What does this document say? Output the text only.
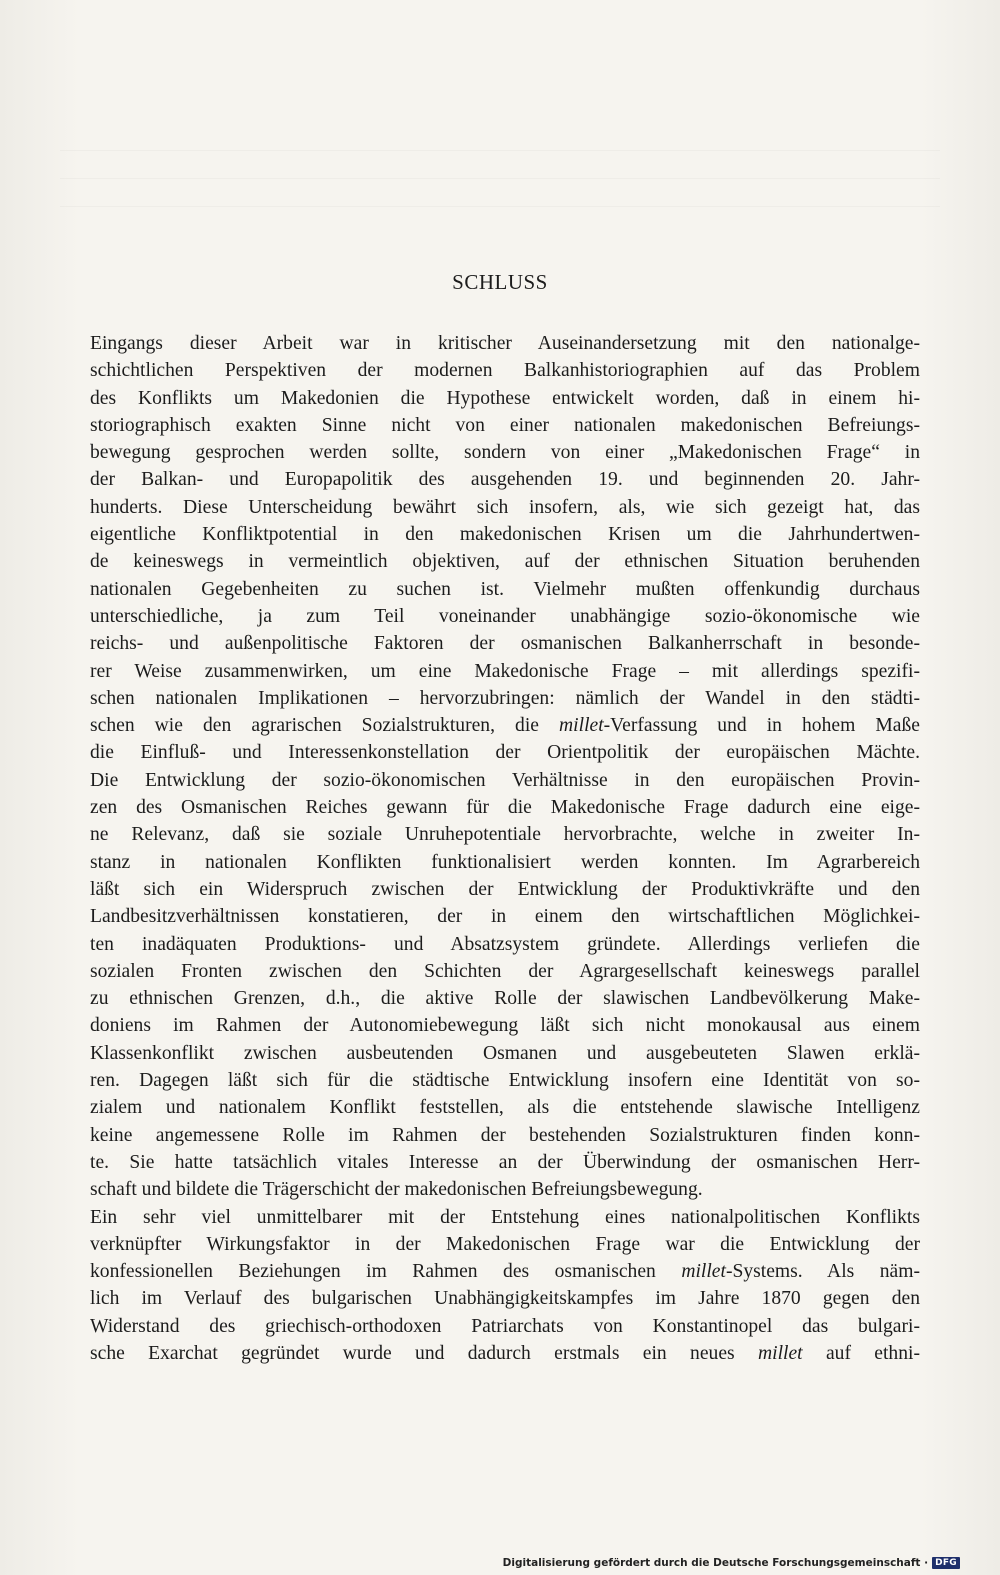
SCHLUSS
Eingangs dieser Arbeit war in kritischer Auseinandersetzung mit den nationalge-
schichtlichen Perspektiven der modernen Balkanhistoriographien auf das Problem
des Konflikts um Makedonien die Hypothese entwickelt worden, daß in einem hi-
storiographisch exakten Sinne nicht von einer nationalen makedonischen Befreiungs-
bewegung gesprochen werden sollte, sondern von einer „Makedonischen Frage“ in
der Balkan- und Europapolitik des ausgehenden 19. und beginnenden 20. Jahr-
hunderts. Diese Unterscheidung bewährt sich insofern, als, wie sich gezeigt hat, das
eigentliche Konfliktpotential in den makedonischen Krisen um die Jahrhundertwen-
de keineswegs in vermeintlich objektiven, auf der ethnischen Situation beruhenden
nationalen Gegebenheiten zu suchen ist. Vielmehr mußten offenkundig durchaus
unterschiedliche, ja zum Teil voneinander unabhängige sozio-ökonomische wie
reichs- und außenpolitische Faktoren der osmanischen Balkanherrschaft in besonde-
rer Weise zusammenwirken, um eine Makedonische Frage – mit allerdings spezifi-
schen nationalen Implikationen – hervorzubringen: nämlich der Wandel in den städti-
schen wie den agrarischen Sozialstrukturen, die millet-Verfassung und in hohem Maße
die Einfluß- und Interessenkonstellation der Orientpolitik der europäischen Mächte.
Die Entwicklung der sozio-ökonomischen Verhältnisse in den europäischen Provin-
zen des Osmanischen Reiches gewann für die Makedonische Frage dadurch eine eige-
ne Relevanz, daß sie soziale Unruhepotentiale hervorbrachte, welche in zweiter In-
stanz in nationalen Konflikten funktionalisiert werden konnten. Im Agrarbereich
läßt sich ein Widerspruch zwischen der Entwicklung der Produktivkräfte und den
Landbesitzverhältnissen konstatieren, der in einem den wirtschaftlichen Möglichkei-
ten inadäquaten Produktions- und Absatzsystem gründete. Allerdings verliefen die
sozialen Fronten zwischen den Schichten der Agrargesellschaft keineswegs parallel
zu ethnischen Grenzen, d.h., die aktive Rolle der slawischen Landbevölkerung Make-
doniens im Rahmen der Autonomiebewegung läßt sich nicht monokausal aus einem
Klassenkonflikt zwischen ausbeutenden Osmanen und ausgebeuteten Slawen erklä-
ren. Dagegen läßt sich für die städtische Entwicklung insofern eine Identität von so-
zialem und nationalem Konflikt feststellen, als die entstehende slawische Intelligenz
keine angemessene Rolle im Rahmen der bestehenden Sozialstrukturen finden konn-
te. Sie hatte tatsächlich vitales Interesse an der Überwindung der osmanischen Herr-
schaft und bildete die Trägerschicht der makedonischen Befreiungsbewegung.
Ein sehr viel unmittelbarer mit der Entstehung eines nationalpolitischen Konflikts
verknüpfter Wirkungsfaktor in der Makedonischen Frage war die Entwicklung der
konfessionellen Beziehungen im Rahmen des osmanischen millet-Systems. Als näm-
lich im Verlauf des bulgarischen Unabhängigkeitskampfes im Jahre 1870 gegen den
Widerstand des griechisch-orthodoxen Patriarchats von Konstantinopel das bulgari-
sche Exarchat gegründet wurde und dadurch erstmals ein neues millet auf ethni-
Digitalisierung gefördert durch die Deutsche Forschungsgemeinschaft · DFG
